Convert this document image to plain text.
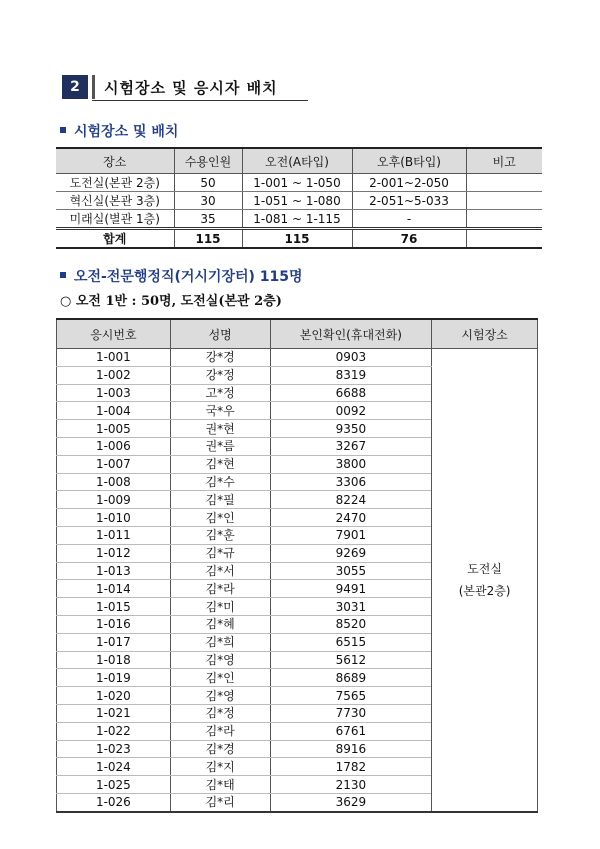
2	시험장소 및 응시자 배치
시험장소 및 배치
장소	수용인원	오전(A타입)	오후(B타입)	비고
도전실(본관 2층)	50	1-001 ~ 1-050	2-001~2-050	
혁신실(본관 3층)	30	1-051 ~ 1-080	2-051~5-033	
미래실(별관 1층)	35	1-081 ~ 1-115	-	
합계	115	115	76	
오전-전문행정직(거시기장터) 115명
○ 오전 1반 : 50명, 도전실(본관 2층)
응시번호	성명	본인확인(휴대전화)	시험장소
1-001	강*경	0903	도전실
(본관2층)

1-002	강*정	8319	
1-003	고*정	6688	
1-004	국*우	0092	
1-005	권*현	9350	
1-006	권*름	3267	
1-007	김*현	3800	
1-008	김*수	3306	
1-009	김*필	8224	
1-010	김*인	2470	
1-011	김*훈	7901	
1-012	김*규	9269	
1-013	김*서	3055	
1-014	김*라	9491	
1-015	김*미	3031	
1-016	김*혜	8520	
1-017	김*희	6515	
1-018	김*영	5612	
1-019	김*인	8689	
1-020	김*영	7565	
1-021	김*정	7730	
1-022	김*라	6761	
1-023	김*경	8916	
1-024	김*지	1782	
1-025	김*태	2130	
1-026	김*리	3629	
